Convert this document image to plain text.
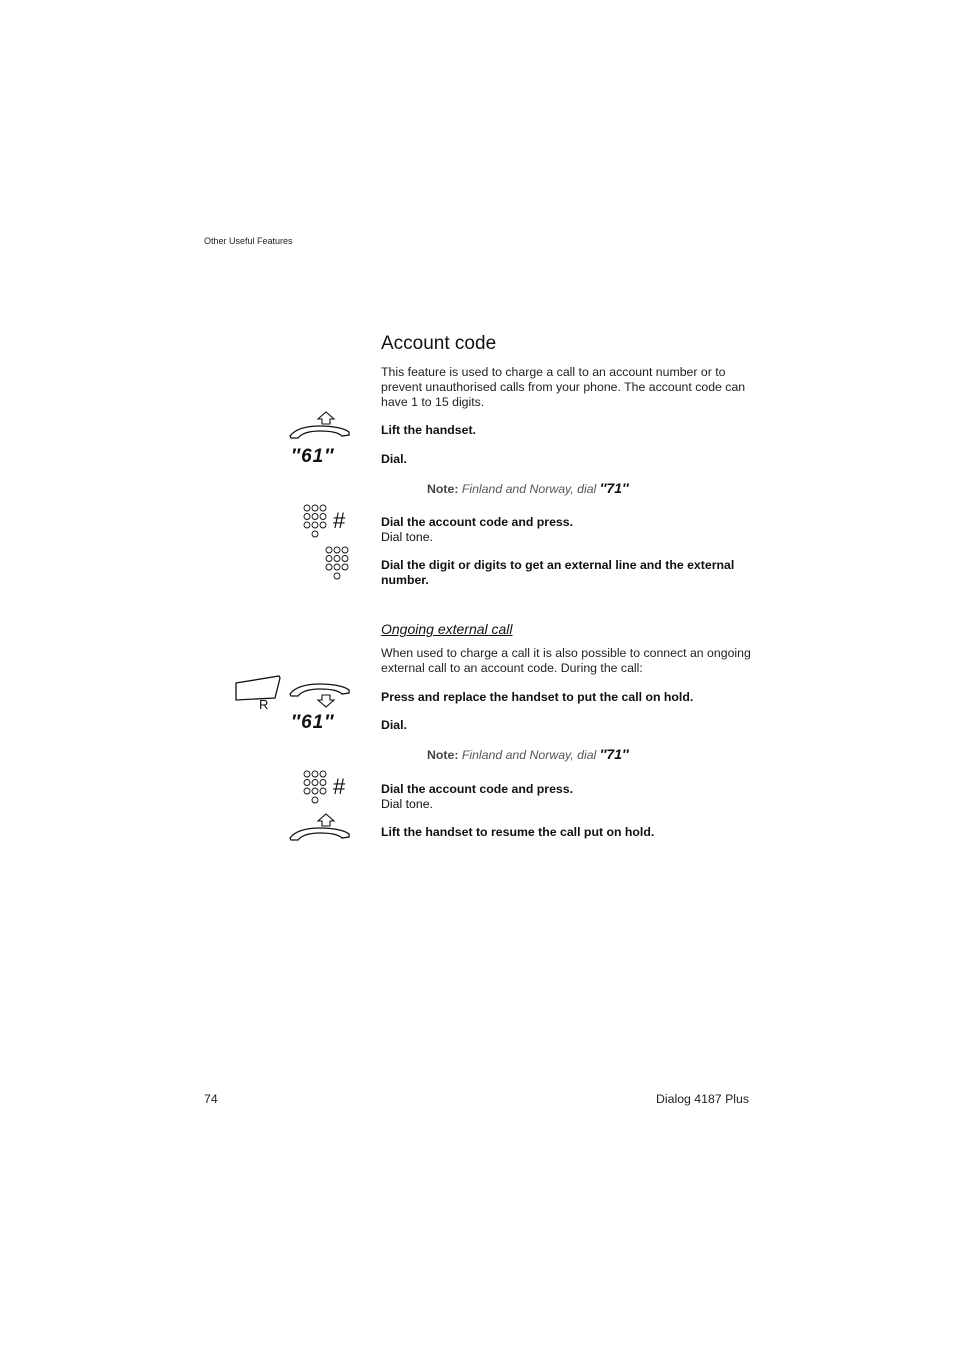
Other Useful Features
Account code
This feature is used to charge a call to an account number or to prevent unauthorised calls from your phone. The account code can have 1 to 15 digits.
Lift the handset.
″61″	Dial.
Note: Finland and Norway, dial ″71″
#	Dial the account code and press.
Dial tone.
Dial the digit or digits to get an external line and the external number.
Ongoing external call
When used to charge a call it is also possible to connect an ongoing external call to an account code. During the call:
R	Press and replace the handset to put the call on hold.
″61″	Dial.
Note: Finland and Norway, dial ″71″
#	Dial the account code and press.
Dial tone.
Lift the handset to resume the call put on hold.
74	Dialog 4187 Plus
